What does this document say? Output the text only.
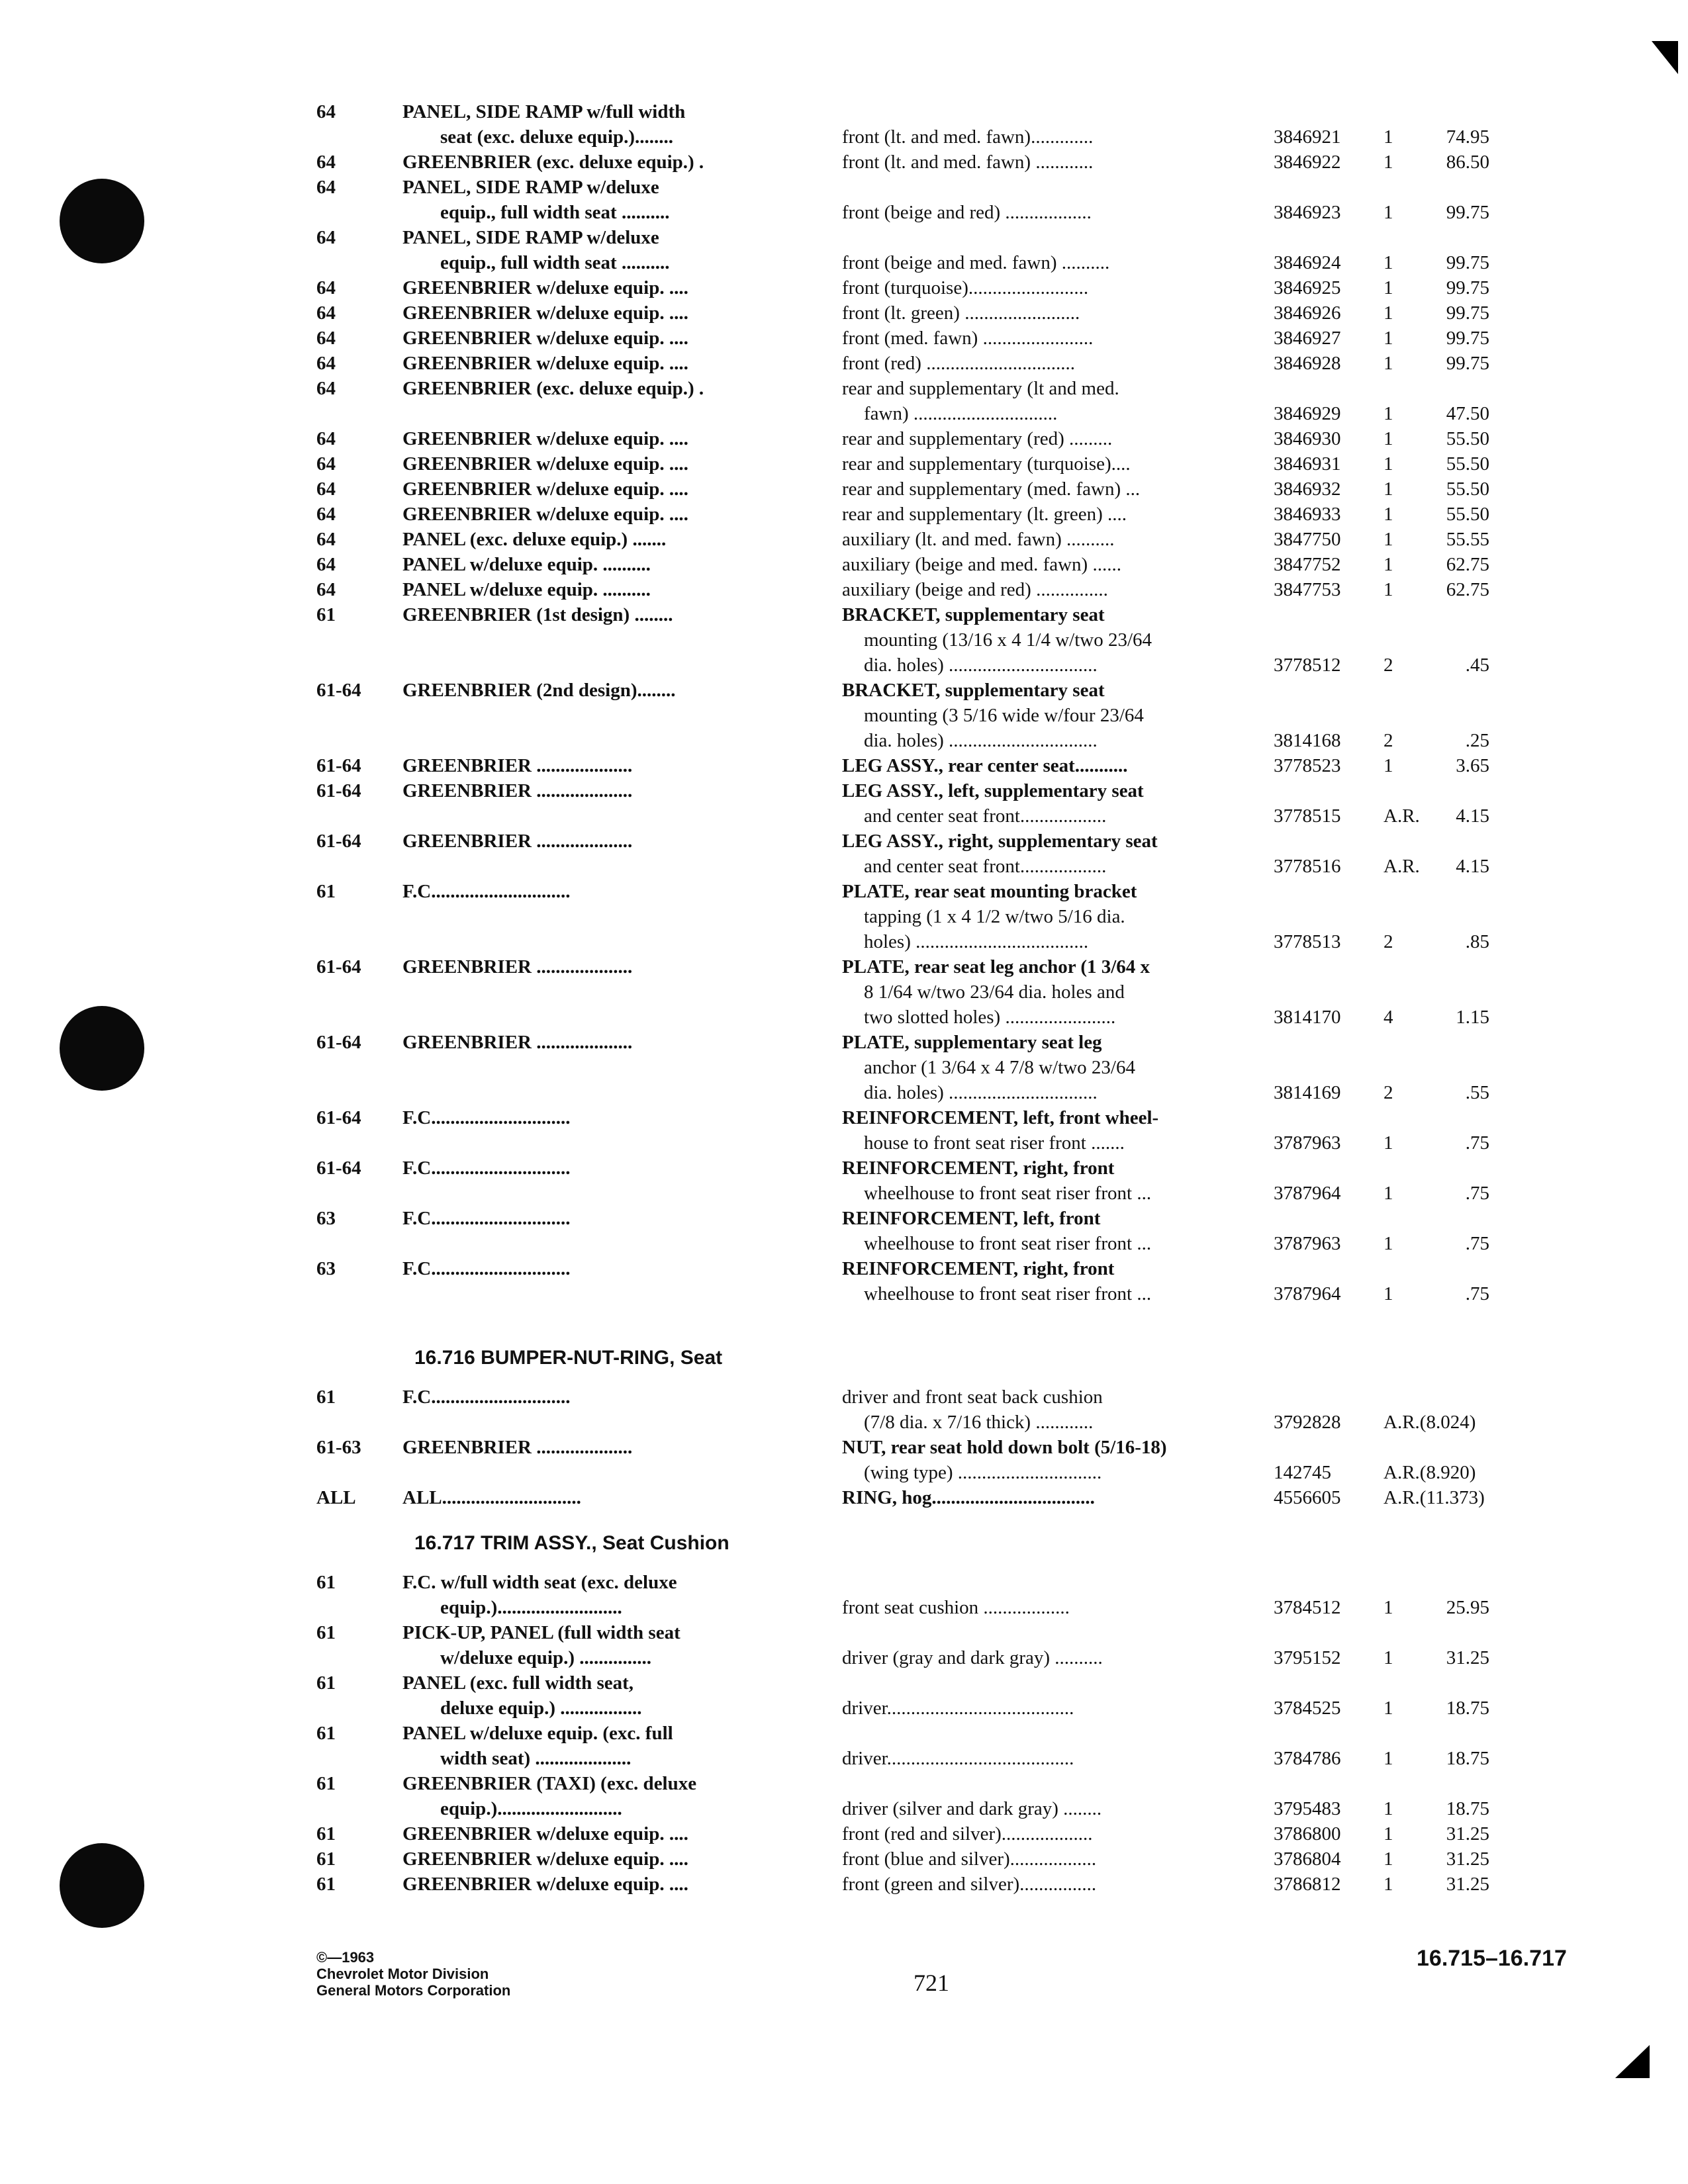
64	PANEL, SIDE RAMP w/full width
seat (exc. deluxe equip.)........	front (lt. and med. fawn).............	3846921 1	74.95
64	GREENBRIER (exc. deluxe equip.) .	front (lt. and med. fawn) ............	3846922 1	86.50
64	PANEL, SIDE RAMP w/deluxe
equip., full width seat ..........	front (beige and red) ..................	3846923 1	99.75
64	PANEL, SIDE RAMP w/deluxe
equip., full width seat ..........	front (beige and med. fawn) ..........	3846924 1	99.75
64	GREENBRIER w/deluxe equip. ....	front (turquoise).........................	3846925 1	99.75
64	GREENBRIER w/deluxe equip. ....	front (lt. green) ........................	3846926 1	99.75
64	GREENBRIER w/deluxe equip. ....	front (med. fawn) .......................	3846927 1	99.75
64	GREENBRIER w/deluxe equip. ....	front (red) ...............................	3846928 1	99.75
64	GREENBRIER (exc. deluxe equip.) .	rear and supplementary (lt and med.
fawn) ..............................	3846929 1	47.50
64	GREENBRIER w/deluxe equip. ....	rear and supplementary (red) .........	3846930 1	55.50
64	GREENBRIER w/deluxe equip. ....	rear and supplementary (turquoise)....	3846931 1	55.50
64	GREENBRIER w/deluxe equip. ....	rear and supplementary (med. fawn) ...	3846932 1	55.50
64	GREENBRIER w/deluxe equip. ....	rear and supplementary (lt. green) ....	3846933 1	55.50
64	PANEL (exc. deluxe equip.) .......	auxiliary (lt. and med. fawn) ..........	3847750 1	55.55
64	PANEL w/deluxe equip. ..........	auxiliary (beige and med. fawn) ......	3847752 1	62.75
64	PANEL w/deluxe equip. ..........	auxiliary (beige and red) ...............	3847753 1	62.75
61	GREENBRIER (1st design) ........	BRACKET, supplementary seat
mounting (13/16 x 4 1/4 w/two 23/64
dia. holes) ...............................	3778512 2	.45
61-64 GREENBRIER (2nd design)........	BRACKET, supplementary seat
mounting (3 5/16 wide w/four 23/64
dia. holes) ...............................	3814168 2	.25
61-64 GREENBRIER ....................	LEG ASSY., rear center seat...........	3778523 1	3.65
61-64 GREENBRIER ....................	LEG ASSY., left, supplementary seat
and center seat front..................	3778515 A.R. 4.15
61-64 GREENBRIER ....................	LEG ASSY., right, supplementary seat
and center seat front..................	3778516 A.R. 4.15
61	F.C.............................	PLATE, rear seat mounting bracket
tapping (1 x 4 1/2 w/two 5/16 dia.
holes) ....................................	3778513 2	.85
61-64 GREENBRIER ....................	PLATE, rear seat leg anchor (1 3/64 x
8 1/64 w/two 23/64 dia. holes and
two slotted holes) .......................	3814170 4	1.15
61-64 GREENBRIER ....................	PLATE, supplementary seat leg
anchor (1 3/64 x 4 7/8 w/two 23/64
dia. holes) ...............................	3814169 2	.55
61-64 F.C.............................	REINFORCEMENT, left, front wheel-
house to front seat riser front .......	3787963 1	.75
61-64 F.C.............................	REINFORCEMENT, right, front
wheelhouse to front seat riser front ...	3787964 1	.75
63	F.C.............................	REINFORCEMENT, left, front
wheelhouse to front seat riser front ...	3787963 1	.75
63	F.C.............................	REINFORCEMENT, right, front
wheelhouse to front seat riser front ...	3787964 1	.75
16.716 BUMPER-NUT-RING, Seat
61	F.C.............................	driver and front seat back cushion
(7/8 dia. x 7/16 thick) ............	3792828 A.R.(8.024)
61-63 GREENBRIER ....................	NUT, rear seat hold down bolt (5/16-18)
(wing type) ..............................	142745	A.R.(8.920)
ALL ALL.............................	RING, hog..................................	4556605 A.R.(11.373)
16.717 TRIM ASSY., Seat Cushion
61	F.C. w/full width seat (exc. deluxe
equip.)..........................	front seat cushion ..................	3784512 1	25.95
61	PICK-UP, PANEL (full width seat
w/deluxe equip.) ...............	driver (gray and dark gray) ..........	3795152 1	31.25
61	PANEL (exc. full width seat,
deluxe equip.) .................	driver.......................................	3784525 1	18.75
61	PANEL w/deluxe equip. (exc. full
width seat) ....................	driver.......................................	3784786 1	18.75
61	GREENBRIER (TAXI) (exc. deluxe
equip.)..........................	driver (silver and dark gray) ........	3795483 1	18.75
61	GREENBRIER w/deluxe equip. ....	front (red and silver)...................	3786800 1	31.25
61	GREENBRIER w/deluxe equip. ....	front (blue and silver)..................	3786804 1	31.25
61	GREENBRIER w/deluxe equip. ....	front (green and silver)................	3786812 1	31.25
©—1963
Chevrolet Motor Division
General Motors Corporation	721
16.715–16.717
